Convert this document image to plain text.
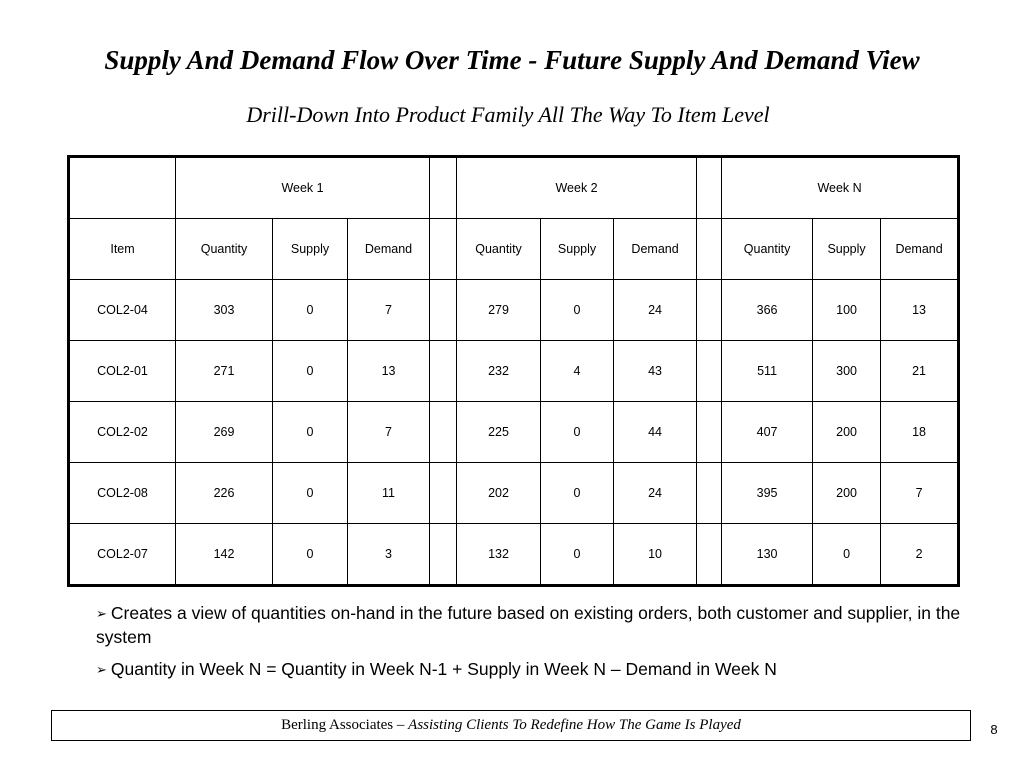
Supply And Demand Flow Over Time - Future Supply And Demand View
Drill-Down Into Product Family All The Way To Item Level
	Week 1				Week 2				Week N		
Item	Quantity	Supply	Demand		Quantity	Supply	Demand		Quantity	Supply	Demand
COL2-04	303	0	7		279	0	24		366	100	13
COL2-01	271	0	13		232	4	43		511	300	21
COL2-02	269	0	7		225	0	44		407	200	18
COL2-08	226	0	11		202	0	24		395	200	7
COL2-07	142	0	3		132	0	10		130	0	2
➢ Creates a view of quantities on-hand in the future based on existing orders, both customer and supplier, in the system
➢ Quantity in Week N = Quantity in Week N-1 + Supply in Week N – Demand in Week N
Berling Associates – Assisting Clients To Redefine How The Game Is Played	8
